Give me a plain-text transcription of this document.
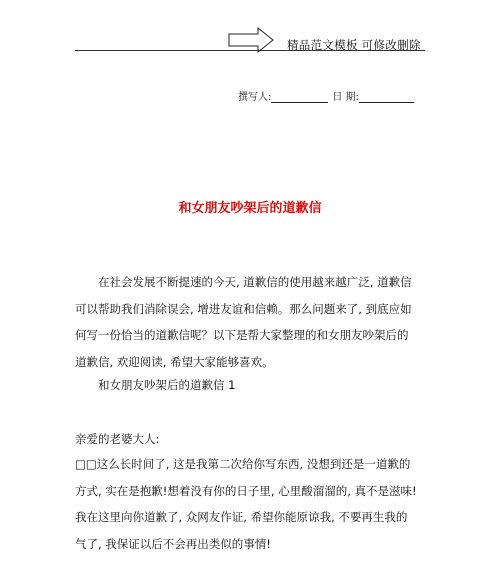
精品范文模板 可修改删除
撰写人:	日 期:
和女朋友吵架后的道歉信

在社会发展不断提速的今天, 道歉信的使用越来越广泛, 道歉信
可以帮助我们消除误会, 增进友谊和信赖。那么问题来了, 到底应如
何写一份恰当的道歉信呢？以下是帮大家整理的和女朋友吵架后的
道歉信, 欢迎阅读, 希望大家能够喜欢。

和女朋友吵架后的道歉信 1

亲爱的老婆大人:

□□这么长时间了, 这是我第二次给你写东西, 没想到还是一道歉的
方式, 实在是抱歉!想着没有你的日子里, 心里酸溜溜的, 真不是滋味!
我在这里向你道歉了, 众网友作证, 希望你能原谅我, 不要再生我的
气了, 我保证以后不会再出类似的事情!
